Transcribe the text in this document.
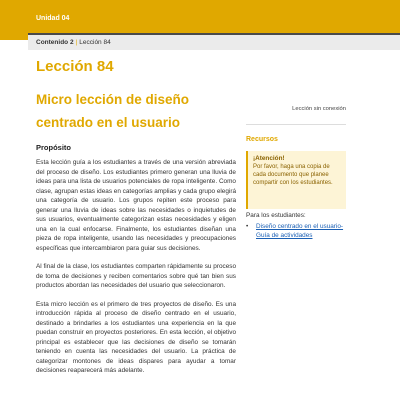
Unidad 04
Contenido 2 | Lección 84
Lección 84
Micro lección de diseño centrado en el usuario
Propósito

Esta lección guía a los estudiantes a través de una versión abreviada del proceso de diseño. Los estudiantes primero generan una lluvia de ideas para una lista de usuarios potenciales de ropa inteligente. Como clase, agrupan estas ideas en categorías amplias y cada grupo elegirá una categoría de usuario. Los grupos repiten este proceso para generar una lluvia de ideas sobre las necesidades o inquietudes de sus usuarios, eventualmente categorizan estas necesidades y eligen una en la cual enfocarse. Finalmente, los estudiantes diseñan una pieza de ropa inteligente, usando las necesidades y preocupaciones específicas que intercambiaron para guiar sus decisiones.

Al final de la clase, los estudiantes comparten rápidamente su proceso de toma de decisiones y reciben comentarios sobre qué tan bien sus productos abordan las necesidades del usuario que seleccionaron.

Esta micro lección es el primero de tres proyectos de diseño. Es una introducción rápida al proceso de diseño centrado en el usuario, destinado a brindarles a los estudiantes una experiencia en la que puedan construir en proyectos posteriores. En esta lección, el objetivo principal es establecer que las decisiones de diseño se tomarán teniendo en cuenta las necesidades del usuario. La práctica de categorizar montones de ideas dispares para ayudar a tomar decisiones reaparecerá más adelante.

Lección sin conexión
Recursos
¡Atención!
Por favor, haga una copia de cada documento que planee compartir con los estudiantes.
Para los estudiantes:
•	Diseño centrado en el usuario- Guía de actividades
